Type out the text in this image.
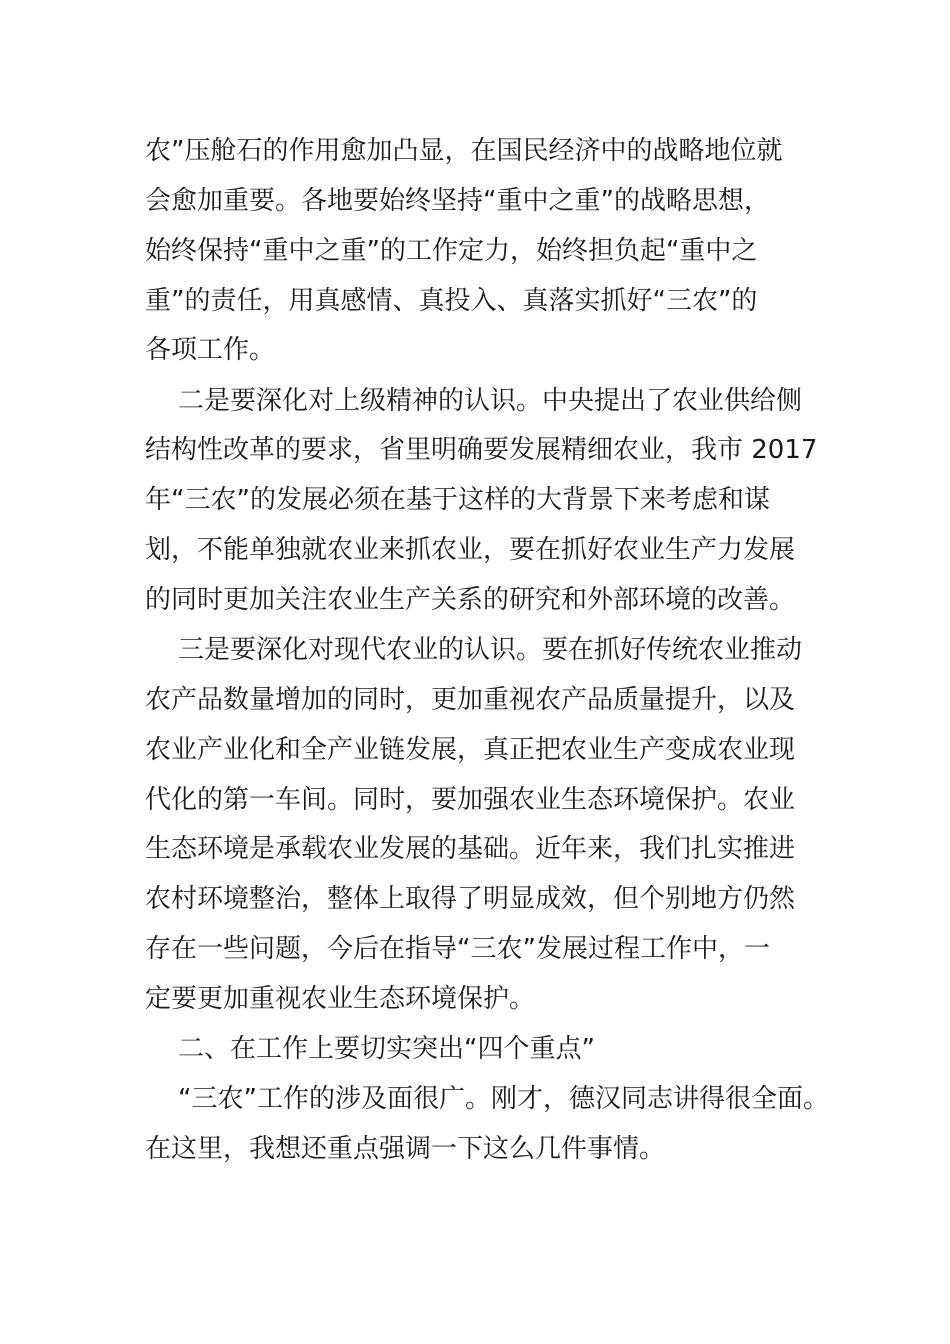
农”压舱石的作用愈加凸显，在国民经济中的战略地位就

会愈加重要。各地要始终坚持“重中之重”的战略思想，

始终保持“重中之重”的工作定力，始终担负起“重中之

重”的责任，用真感情、真投入、真落实抓好“三农”的

各项工作。

二是要深化对上级精神的认识。中央提出了农业供给侧

结构性改革的要求，省里明确要发展精细农业，我市 2017

年“三农”的发展必须在基于这样的大背景下来考虑和谋

划，不能单独就农业来抓农业，要在抓好农业生产力发展

的同时更加关注农业生产关系的研究和外部环境的改善。

三是要深化对现代农业的认识。要在抓好传统农业推动

农产品数量增加的同时，更加重视农产品质量提升，以及

农业产业化和全产业链发展，真正把农业生产变成农业现

代化的第一车间。同时，要加强农业生态环境保护。农业

生态环境是承载农业发展的基础。近年来，我们扎实推进

农村环境整治，整体上取得了明显成效，但个别地方仍然

存在一些问题，今后在指导“三农”发展过程工作中，一

定要更加重视农业生态环境保护。

二、在工作上要切实突出“四个重点”

“三农”工作的涉及面很广。刚才，德汉同志讲得很全面。

在这里，我想还重点强调一下这么几件事情。
